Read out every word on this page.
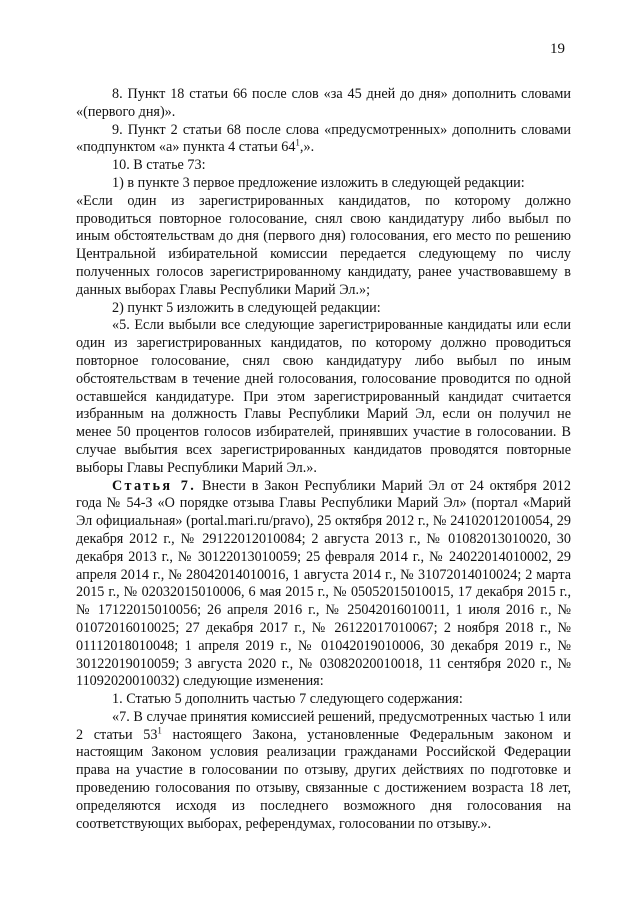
19

8. Пункт 18 статьи 66 после слов «за 45 дней до дня» дополнить словами «(первого дня)».

9. Пункт 2 статьи 68 после слова «предусмотренных» дополнить словами «подпунктом «а» пункта 4 статьи $64^1$,».

10. В статье 73:

1) в пункте 3 первое предложение изложить в следующей редакции:

«Если один из зарегистрированных кандидатов, по которому должно проводиться повторное голосование, снял свою кандидатуру либо выбыл по иным обстоятельствам до дня (первого дня) голосования, его место по решению Центральной избирательной комиссии передается следующему по числу полученных голосов зарегистрированному кандидату, ранее участвовавшему в данных выборах Главы Республики Марий Эл.»;

2) пункт 5 изложить в следующей редакции:

«5. Если выбыли все следующие зарегистрированные кандидаты или если один из зарегистрированных кандидатов, по которому должно проводиться повторное голосование, снял свою кандидатуру либо выбыл по иным обстоятельствам в течение дней голосования, голосование проводится по одной оставшейся кандидатуре. При этом зарегистрированный кандидат считается избранным на должность Главы Республики Марий Эл, если он получил не менее 50 процентов голосов избирателей, принявших участие в голосовании. В случае выбытия всех зарегистрированных кандидатов проводятся повторные выборы Главы Республики Марий Эл.».

Статья 7. Внести в Закон Республики Марий Эл от 24 октября 2012 года № 54-З «О порядке отзыва Главы Республики Марий Эл» (портал «Марий Эл официальная» (portal.mari.ru/pravo), 25 октября 2012 г., № 24102012010054, 29 декабря 2012 г., № 29122012010084; 2 августа 2013 г., № 01082013010020, 30 декабря 2013 г., № 30122013010059; 25 февраля 2014 г., № 24022014010002, 29 апреля 2014 г., № 28042014010016, 1 августа 2014 г., № 31072014010024; 2 марта 2015 г., № 02032015010006, 6 мая 2015 г., № 05052015010015, 17 декабря 2015 г., № 17122015010056; 26 апреля 2016 г., № 25042016010011, 1 июля 2016 г., № 01072016010025; 27 декабря 2017 г., № 26122017010067; 2 ноября 2018 г., № 01112018010048; 1 апреля 2019 г., № 01042019010006, 30 декабря 2019 г., № 30122019010059; 3 августа 2020 г., № 03082020010018, 11 сентября 2020 г., № 11092020010032) следующие изменения:

1. Статью 5 дополнить частью 7 следующего содержания:

«7. В случае принятия комиссией решений, предусмотренных частью 1 или 2 статьи $53^1$ настоящего Закона, установленные Федеральным законом и настоящим Законом условия реализации гражданами Российской Федерации права на участие в голосовании по отзыву, других действиях по подготовке и проведению голосования по отзыву, связанные с достижением возраста 18 лет, определяются исходя из последнего возможного дня голосования на соответствующих выборах, референдумах, голосовании по отзыву.».
